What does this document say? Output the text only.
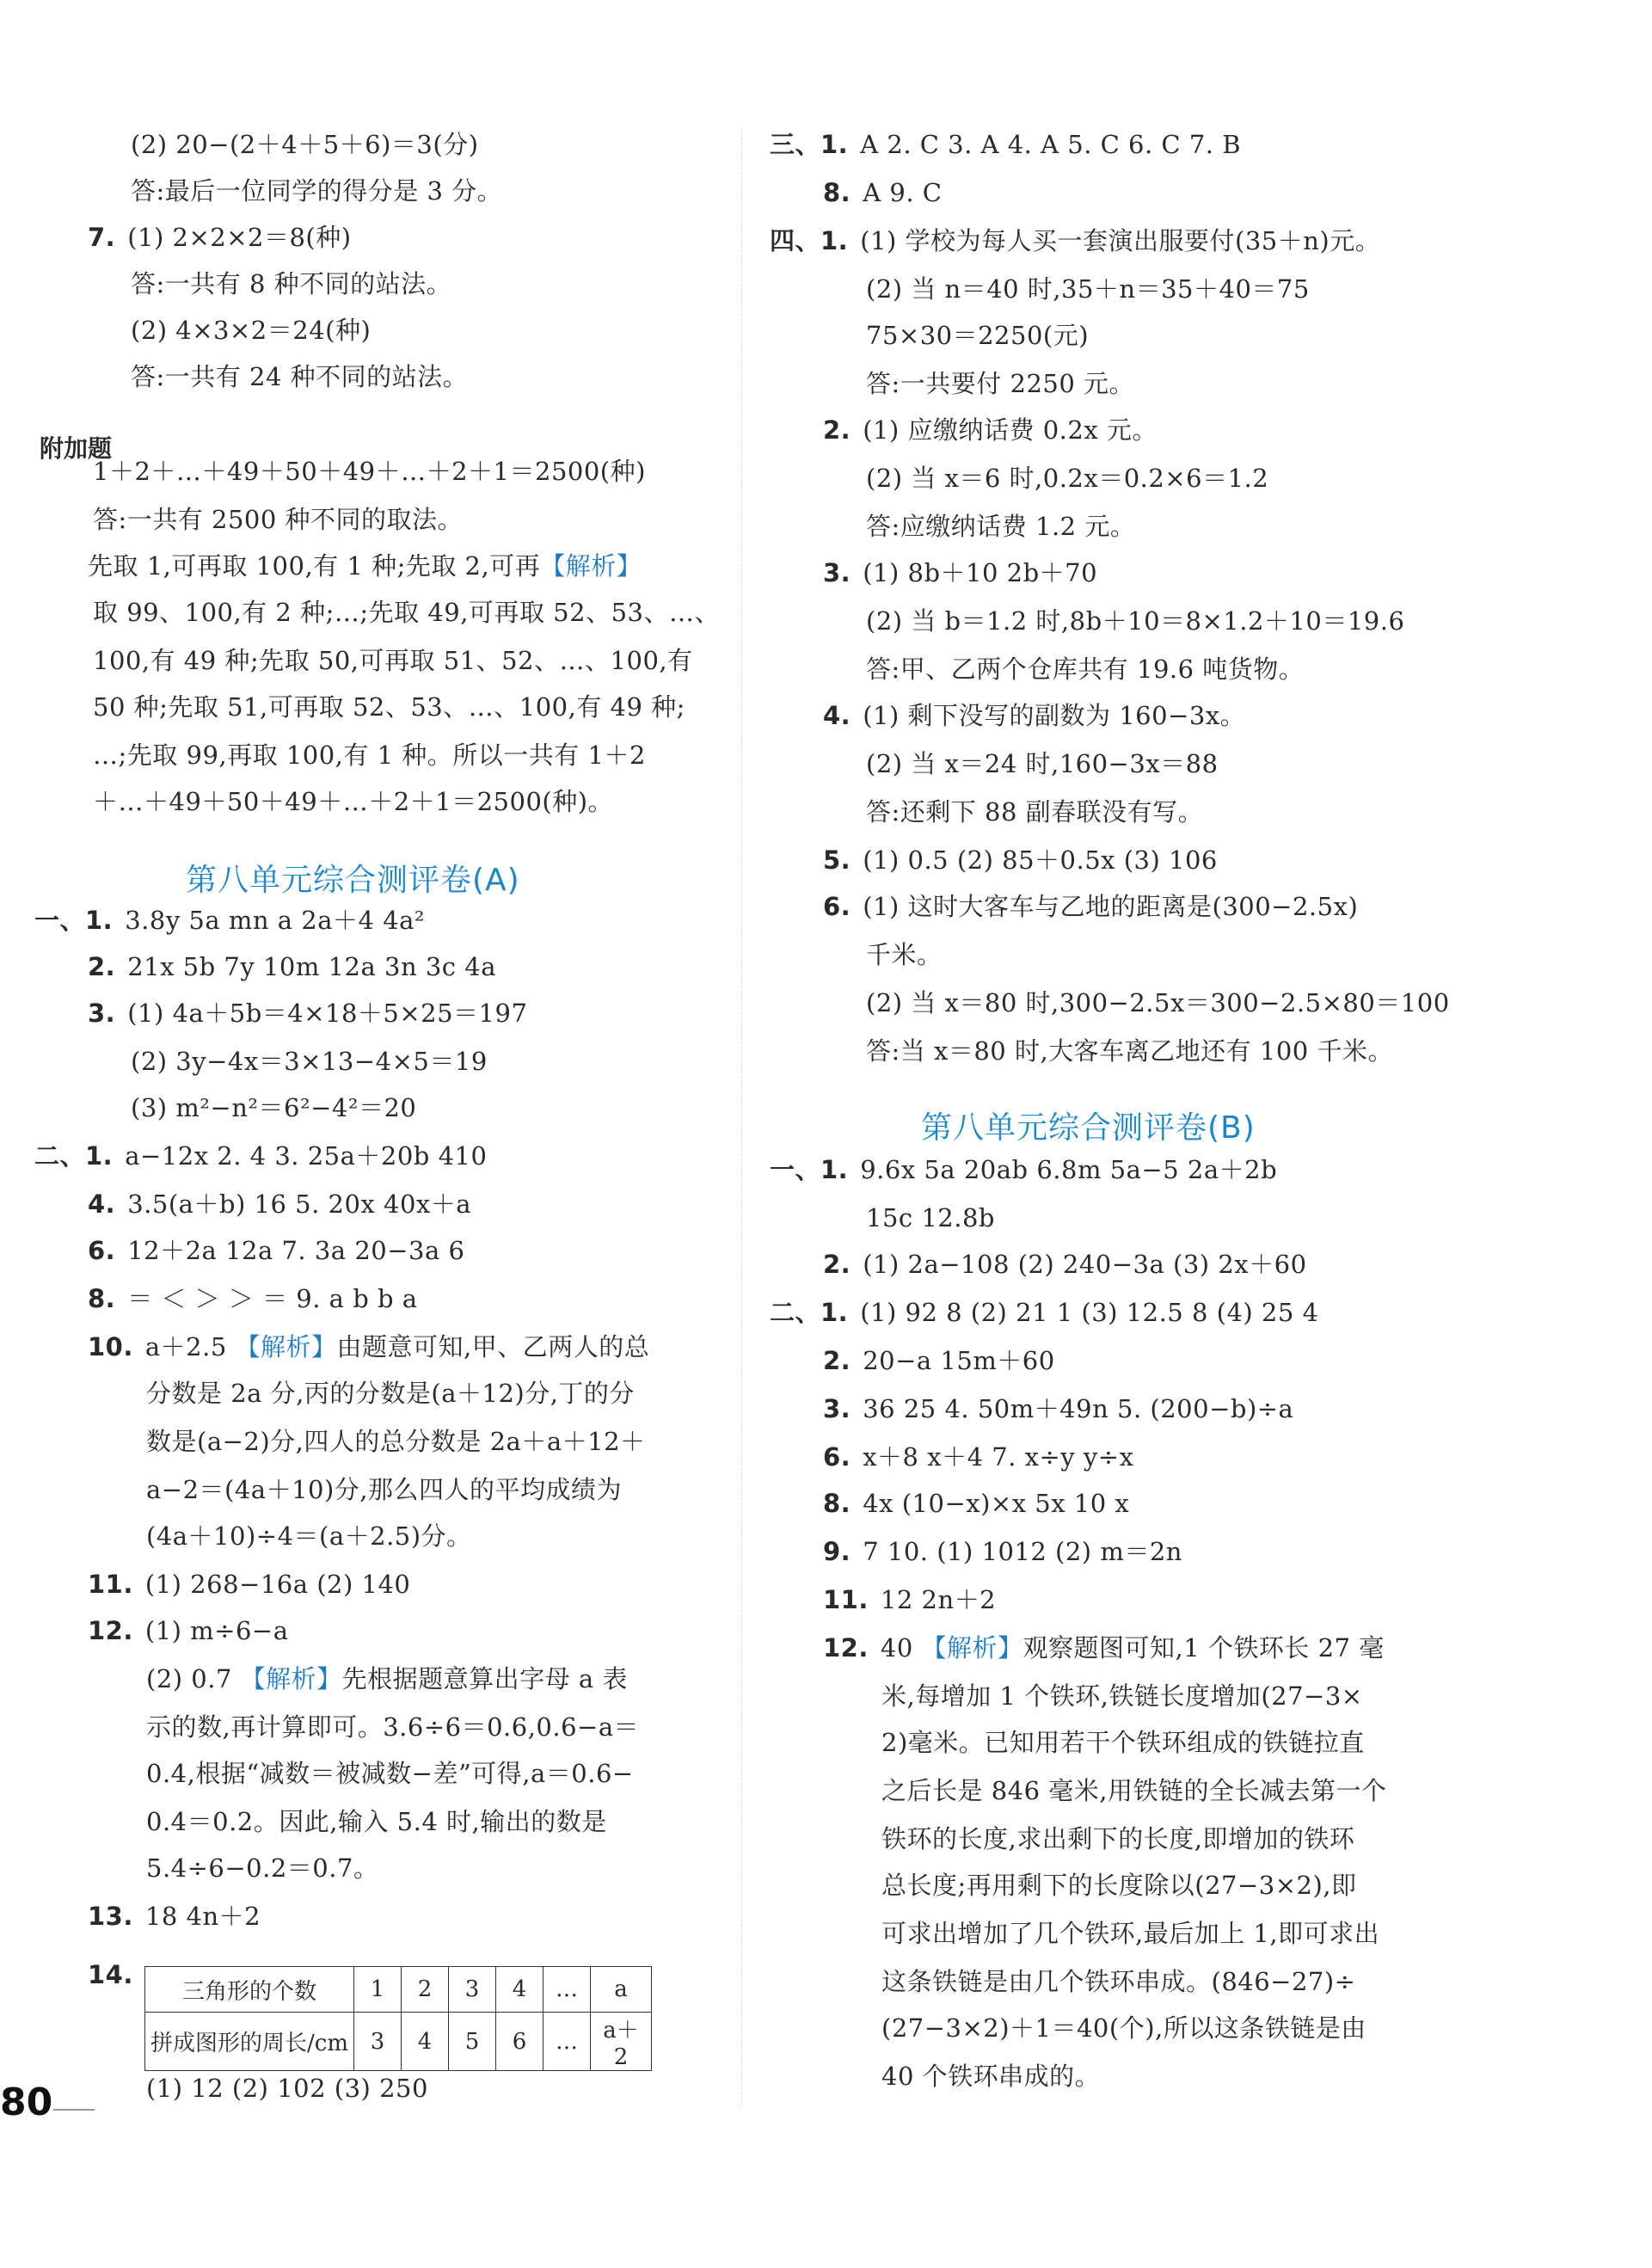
附加题
第八单元综合测评卷(A)
三角形的个数	1	2	3	4	…	a
拼成图形的周长/cm	3	4	5	6	…	a＋2
(2) 20−(2＋4＋5＋6)＝3(分)
答:最后一位同学的得分是 3 分。
7. (1) 2×2×2＝8(种)
答:一共有 8 种不同的站法。
(2) 4×3×2＝24(种)
答:一共有 24 种不同的站法。
1＋2＋…＋49＋50＋49＋…＋2＋1＝2500(种)
答:一共有 2500 种不同的取法。
先取 1,可再取 100,有 1 种;先取 2,可再【解析】
取 99、100,有 2 种;…;先取 49,可再取 52、53、…、
100,有 49 种;先取 50,可再取 51、52、…、100,有
50 种;先取 51,可再取 52、53、…、100,有 49 种;
…;先取 99,再取 100,有 1 种。所以一共有 1＋2
＋…＋49＋50＋49＋…＋2＋1＝2500(种)。
一、1. 3.8y 5a mn a 2a＋4 4a²
2. 21x 5b 7y 10m 12a 3n 3c 4a
3. (1) 4a＋5b＝4×18＋5×25＝197
(2) 3y−4x＝3×13−4×5＝19
(3) m²−n²＝6²−4²＝20
二、1. a−12x 2. 4 3. 25a＋20b 410
4. 3.5(a＋b) 16 5. 20x 40x＋a
6. 12＋2a 12a 7. 3a 20−3a 6
8. ＝ ＜ ＞ ＞ ＝ 9. a b b a
10. a＋2.5 【解析】由题意可知,甲、乙两人的总
分数是 2a 分,丙的分数是(a＋12)分,丁的分
数是(a−2)分,四人的总分数是 2a＋a＋12＋
a−2＝(4a＋10)分,那么四人的平均成绩为
(4a＋10)÷4＝(a＋2.5)分。
11. (1) 268−16a (2) 140
12. (1) m÷6−a
(2) 0.7 【解析】先根据题意算出字母 a 表
示的数,再计算即可。3.6÷6＝0.6,0.6−a＝
0.4,根据“减数＝被减数−差”可得,a＝0.6−
0.4＝0.2。因此,输入 5.4 时,输出的数是
5.4÷6−0.2＝0.7。
13. 18 4n＋2
14.
(1) 12 (2) 102 (3) 250
第八单元综合测评卷(B)
三、1. A 2. C 3. A 4. A 5. C 6. C 7. B
8. A 9. C
四、1. (1) 学校为每人买一套演出服要付(35＋n)元。
(2) 当 n＝40 时,35＋n＝35＋40＝75
75×30＝2250(元)
答:一共要付 2250 元。
2. (1) 应缴纳话费 0.2x 元。
(2) 当 x＝6 时,0.2x＝0.2×6＝1.2
答:应缴纳话费 1.2 元。
3. (1) 8b＋10 2b＋70
(2) 当 b＝1.2 时,8b＋10＝8×1.2＋10＝19.6
答:甲、乙两个仓库共有 19.6 吨货物。
4. (1) 剩下没写的副数为 160−3x。
(2) 当 x＝24 时,160−3x＝88
答:还剩下 88 副春联没有写。
5. (1) 0.5 (2) 85＋0.5x (3) 106
6. (1) 这时大客车与乙地的距离是(300−2.5x)
千米。
(2) 当 x＝80 时,300−2.5x＝300−2.5×80＝100
答:当 x＝80 时,大客车离乙地还有 100 千米。
一、1. 9.6x 5a 20ab 6.8m 5a−5 2a＋2b
15c 12.8b
2. (1) 2a−108 (2) 240−3a (3) 2x＋60
二、1. (1) 92 8 (2) 21 1 (3) 12.5 8 (4) 25 4
2. 20−a 15m＋60
3. 36 25 4. 50m＋49n 5. (200−b)÷a
6. x＋8 x＋4 7. x÷y y÷x
8. 4x (10−x)×x 5x 10 x
9. 7 10. (1) 1012 (2) m＝2n
11. 12 2n＋2
12. 40 【解析】观察题图可知,1 个铁环长 27 毫
米,每增加 1 个铁环,铁链长度增加(27−3×
2)毫米。已知用若干个铁环组成的铁链拉直
之后长是 846 毫米,用铁链的全长减去第一个
铁环的长度,求出剩下的长度,即增加的铁环
总长度;再用剩下的长度除以(27−3×2),即
可求出增加了几个铁环,最后加上 1,即可求出
这条铁链是由几个铁环串成。(846−27)÷
(27−3×2)＋1＝40(个),所以这条铁链是由
40 个铁环串成的。
80
